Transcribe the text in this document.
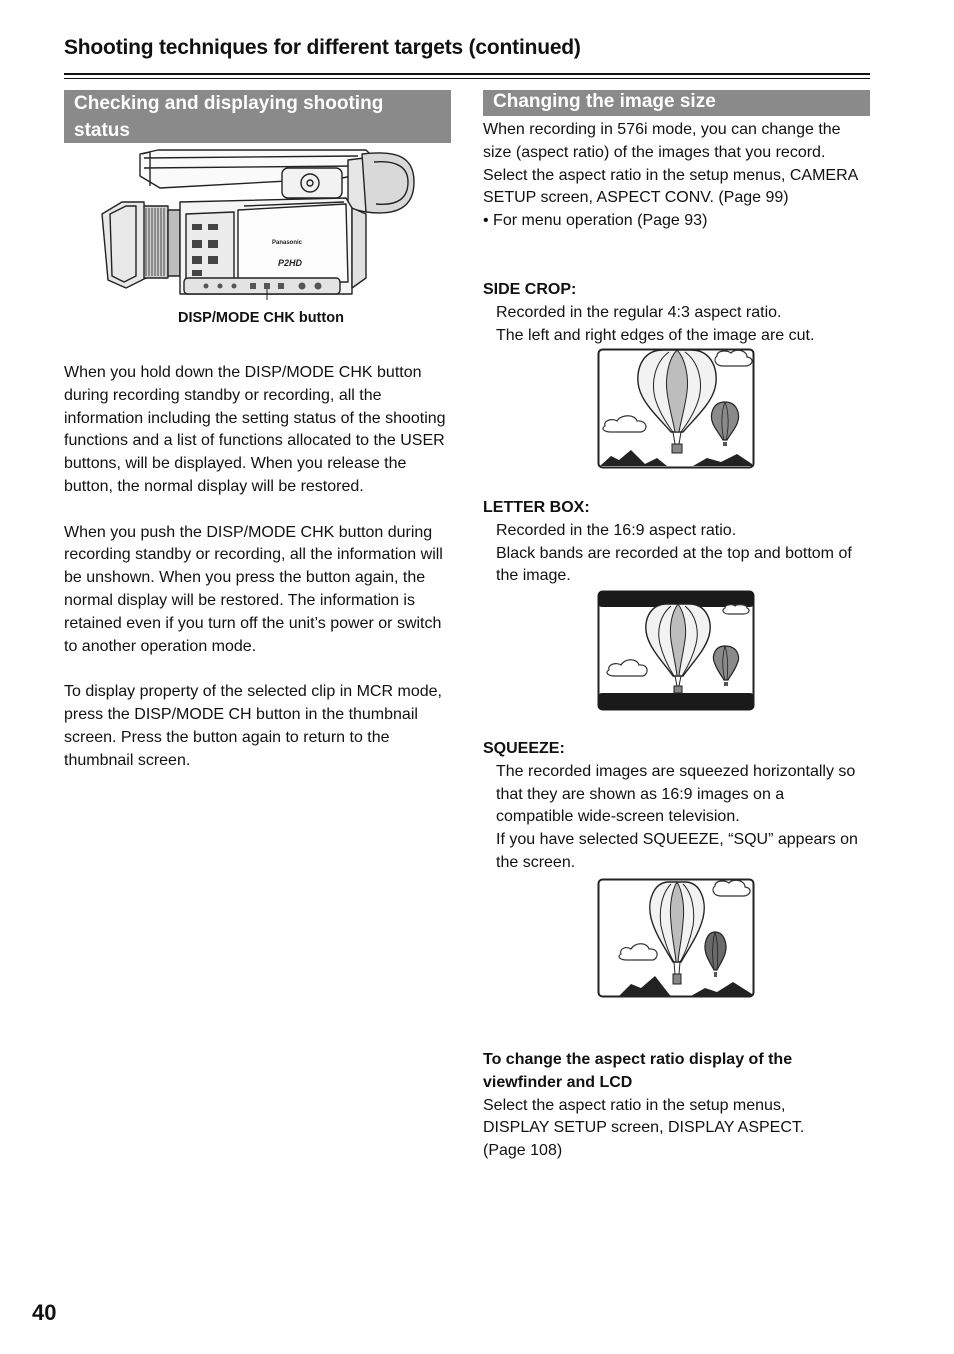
Shooting techniques for different targets (continued)
Checking and displaying shooting status
Panasonic
P2HD
DISP/MODE CHK button

When you hold down the DISP/MODE CHK button during recording standby or recording, all the information including the setting status of the shooting functions and a list of functions allocated to the USER buttons, will be displayed. When you release the button, the normal display will be restored.

When you push the DISP/MODE CHK button during recording standby or recording, all the information will be unshown. When you press the button again, the normal display will be restored. The information is retained even if you turn off the unit’s power or switch to another operation mode.

To display property of the selected clip in MCR mode, press the DISP/MODE CH button in the thumbnail screen. Press the button again to return to the thumbnail screen.

Changing the image size

When recording in 576i mode, you can change the size (aspect ratio) of the images that you record. Select the aspect ratio in the setup menus, CAMERA SETUP screen, ASPECT CONV. (Page 99)

• For menu operation (Page 93)

SIDE CROP:

Recorded in the regular 4:3 aspect ratio.

The left and right edges of the image are cut.

LETTER BOX:

Recorded in the 16:9 aspect ratio.

Black bands are recorded at the top and bottom of the image.

SQUEEZE:

The recorded images are squeezed horizontally so that they are shown as 16:9 images on a compatible wide-screen television.

If you have selected SQUEEZE, “SQU” appears on the screen.

To change the aspect ratio display of the viewfinder and LCD

Select the aspect ratio in the setup menus, DISPLAY SETUP screen, DISPLAY ASPECT. (Page 108)

40
